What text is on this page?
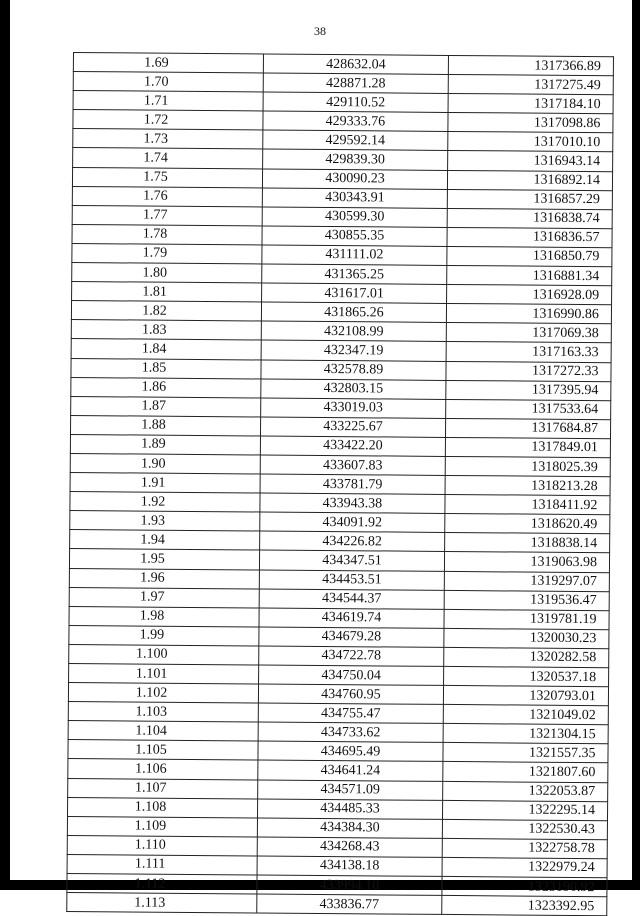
38
1.69	428632.04	1317366.89
1.70	428871.28	1317275.49
1.71	429110.52	1317184.10
1.72	429333.76	1317098.86
1.73	429592.14	1317010.10
1.74	429839.30	1316943.14
1.75	430090.23	1316892.14
1.76	430343.91	1316857.29
1.77	430599.30	1316838.74
1.78	430855.35	1316836.57
1.79	431111.02	1316850.79
1.80	431365.25	1316881.34
1.81	431617.01	1316928.09
1.82	431865.26	1316990.86
1.83	432108.99	1317069.38
1.84	432347.19	1317163.33
1.85	432578.89	1317272.33
1.86	432803.15	1317395.94
1.87	433019.03	1317533.64
1.88	433225.67	1317684.87
1.89	433422.20	1317849.01
1.90	433607.83	1318025.39
1.91	433781.79	1318213.28
1.92	433943.38	1318411.92
1.93	434091.92	1318620.49
1.94	434226.82	1318838.14
1.95	434347.51	1319063.98
1.96	434453.51	1319297.07
1.97	434544.37	1319536.47
1.98	434619.74	1319781.19
1.99	434679.28	1320030.23
1.100	434722.78	1320282.58
1.101	434750.04	1320537.18
1.102	434760.95	1320793.01
1.103	434755.47	1321049.02
1.104	434733.62	1321304.15
1.105	434695.49	1321557.35
1.106	434641.24	1321807.60
1.107	434571.09	1322053.87
1.108	434485.33	1322295.14
1.109	434384.30	1322530.43
1.110	434268.43	1322758.78
1.111	434138.18	1322979.24
1.112	433994.10	1323190.92
1.113	433836.77	1323392.95
